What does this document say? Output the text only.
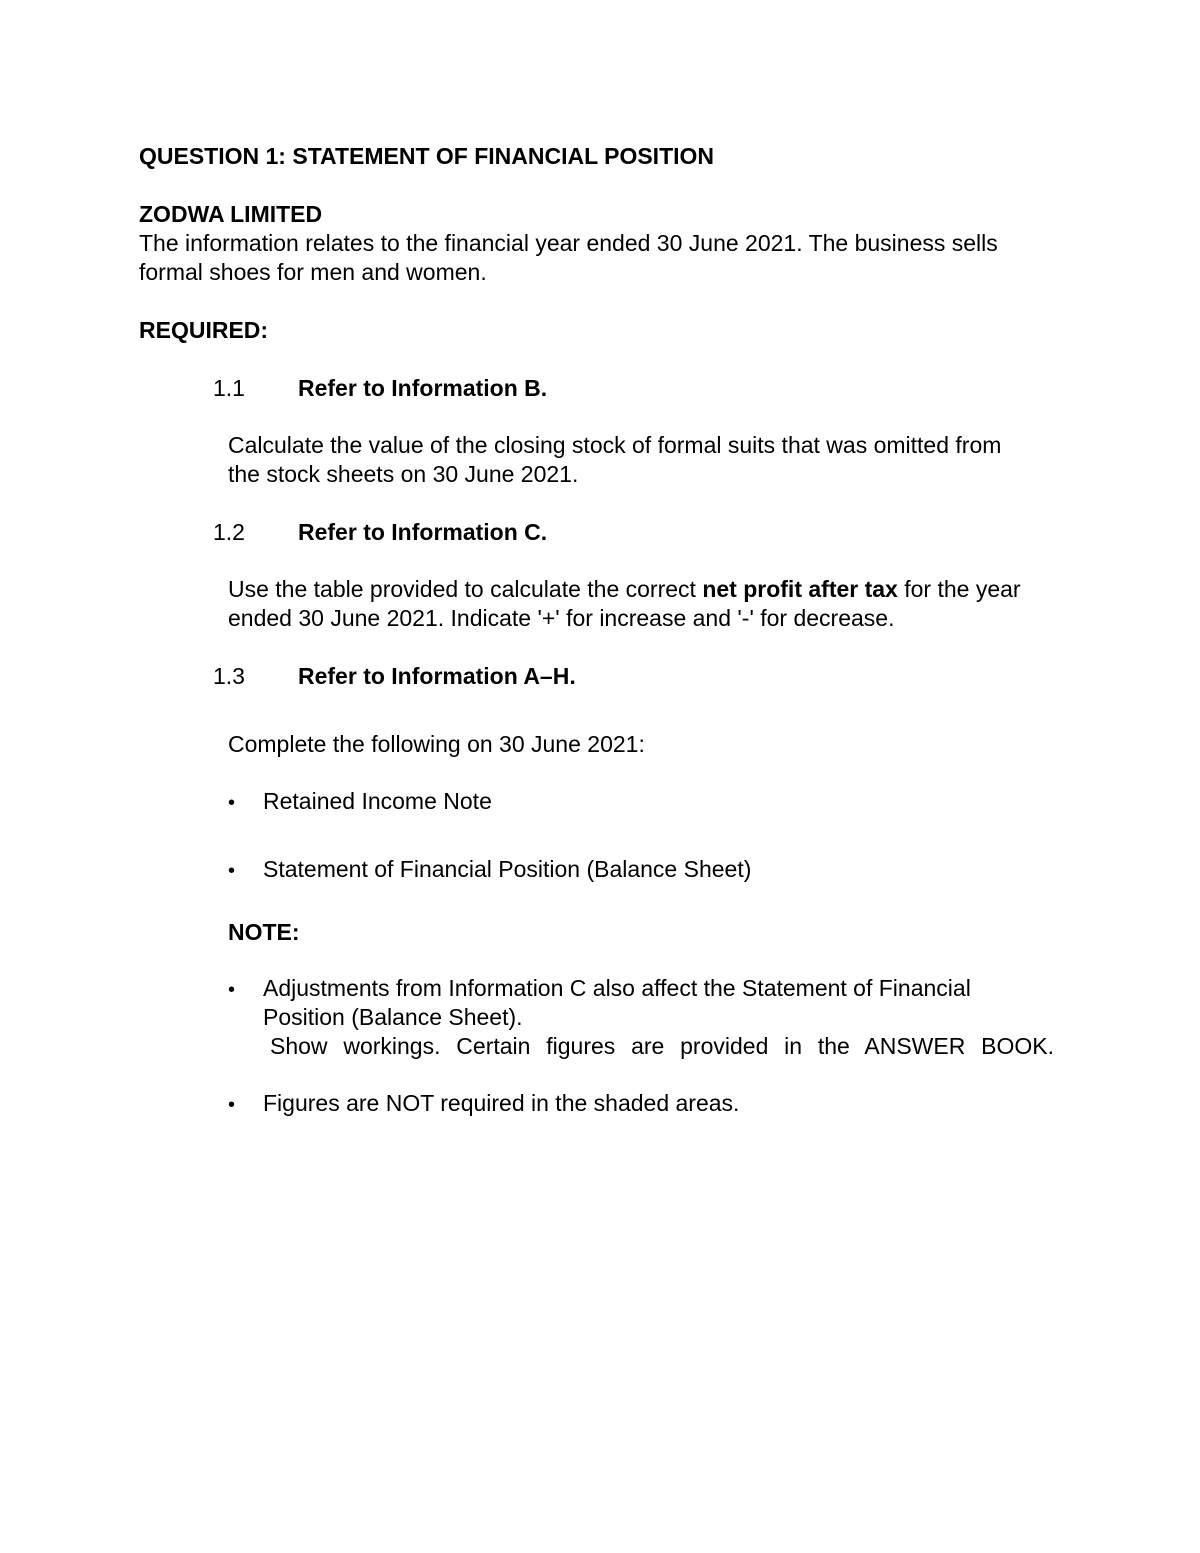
QUESTION 1: STATEMENT OF FINANCIAL POSITION
ZODWA LIMITED
The information relates to the financial year ended 30 June 2021. The business sells
formal shoes for men and women.
REQUIRED:
1.1 Refer to Information B.
Calculate the value of the closing stock of formal suits that was omitted from
the stock sheets on 30 June 2021.
1.2 Refer to Information C.
Use the table provided to calculate the correct net profit after tax for the year
ended 30 June 2021. Indicate '+' for increase and '-' for decrease.
1.3 Refer to Information A–H.
Complete the following on 30 June 2021:
• Retained Income Note
• Statement of Financial Position (Balance Sheet)
NOTE:
• Adjustments from Information C also affect the Statement of Financial
Position (Balance Sheet).
Show workings. Certain figures are provided in the ANSWER BOOK.
• Figures are NOT required in the shaded areas.
